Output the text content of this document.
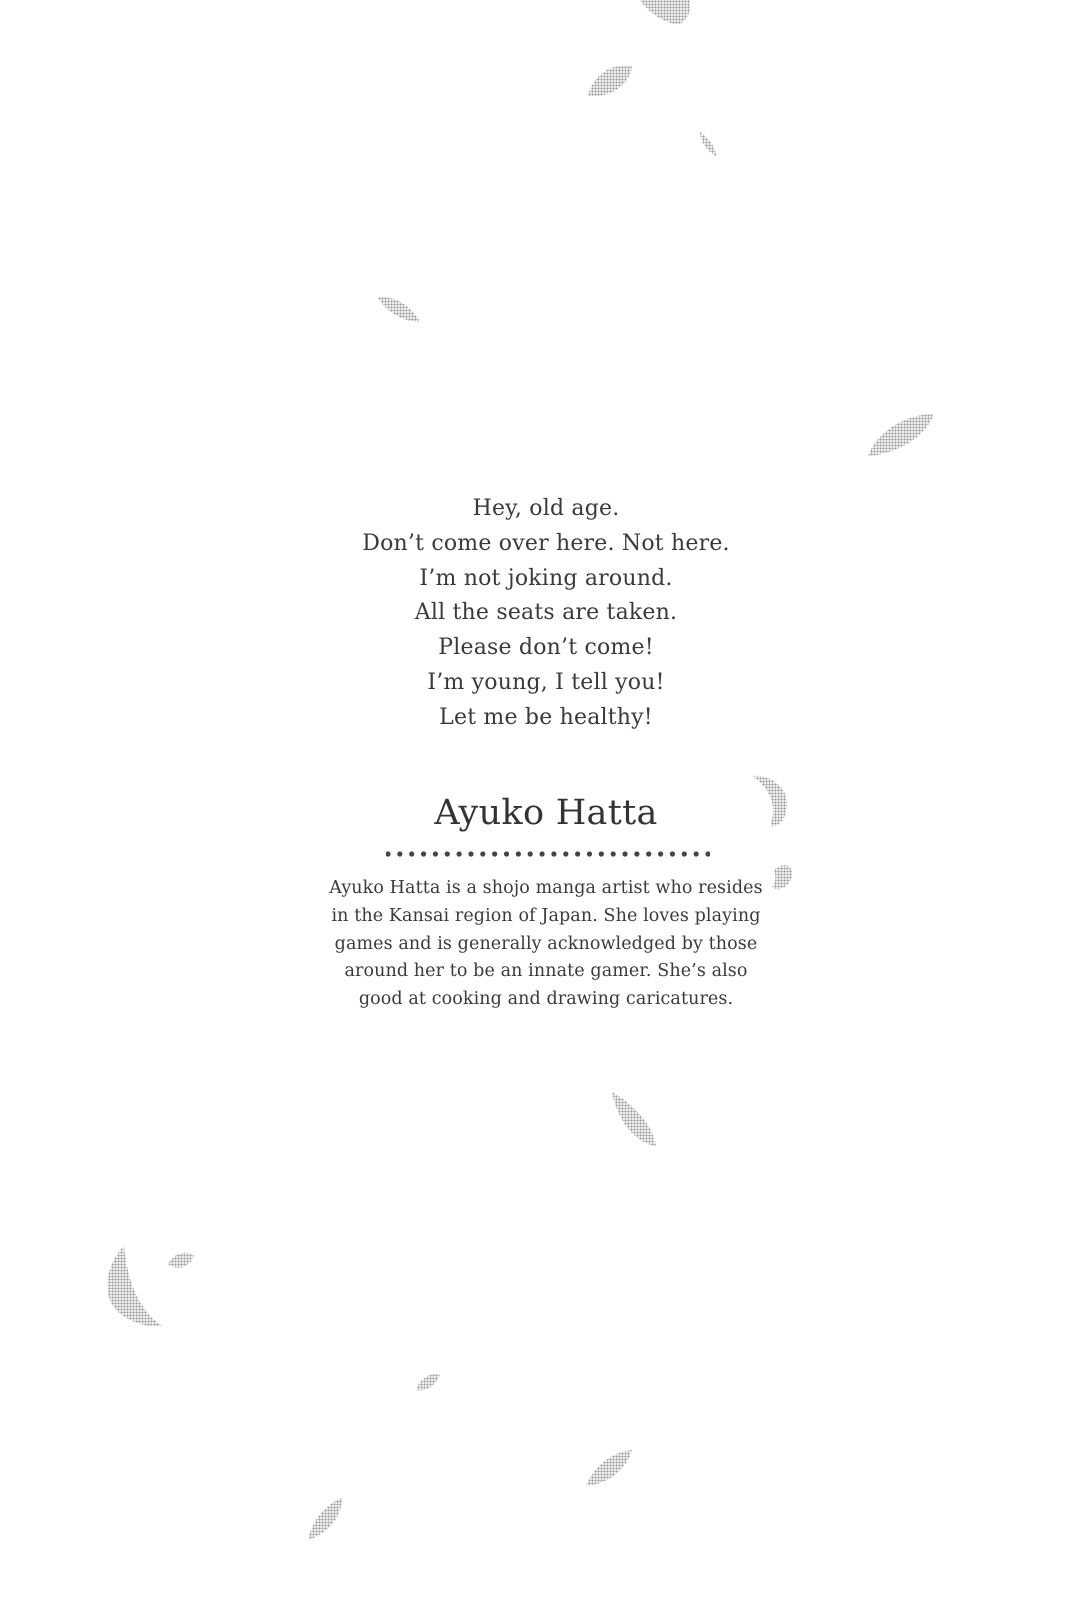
Hey, old age.
Don’t come over here. Not here.
I’m not joking around.
All the seats are taken.
Please don’t come!
I’m young, I tell you!
Let me be healthy!
Ayuko Hatta
Ayuko Hatta is a shojo manga artist who resides
in the Kansai region of Japan. She loves playing
games and is generally acknowledged by those
around her to be an innate gamer. She’s also
good at cooking and drawing caricatures.
